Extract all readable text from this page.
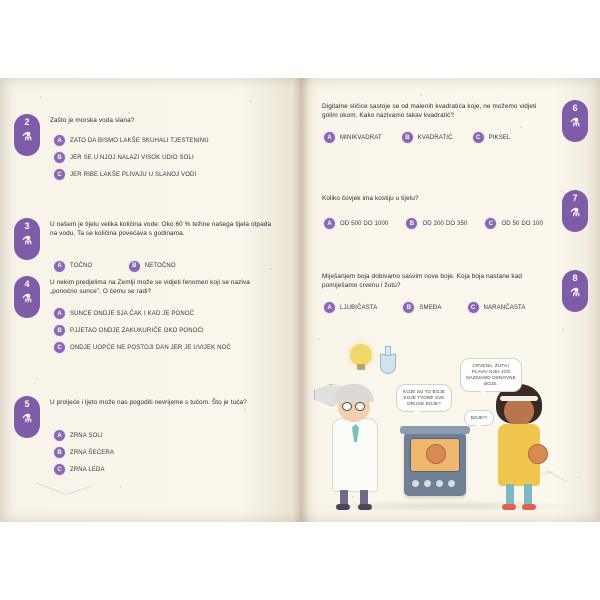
2
⚗
Zašto je morska voda slana?
A	ZATO DA BISMO LAKŠE SKUHALI TJESTENINU
B	JER SE U NJOJ NALAZI VISOK UDIO SOLI
C	JER RIBE LAKŠE PLIVAJU U SLANOJ VODI
3
⚗
U našem je tijelu velika količina vode. Oko 60 % težine našega tijela otpada na vodu. Ta se količina povećava s godinama.
A	TOČNO
	B	NETOČNO
4
⚗
U nekim predjelima na Zemlji može se vidjeti fenomen koji se naziva „ponoćno sunce”. O čemu se radi?
A	SUNCE ONDJE SJA ČAK I KAD JE PONOĆ
B	PJJETAO ONDJE ZAKUKURIČE OKO PONOĆI
C	ONDJE UOPĆE NE POSTOJI DAN JER JE UVIJEK NOĆ
5
⚗
U proljeće i ljeto može nas pogoditi nevrijeme s tučom. Što je tuča?
A	ZRNA SOLI
B	ZRNA ŠEĆERA
C	ZRNA LEDA
6
⚗
Digitalne sličice sastoje se od malenih kvadratića koje, ne možemo vidjeti golim okom. Kako nazivamo takav kvadratić?
A	MINIKVADRAT	B	KVADRATIĆ	C	PIKSEL
7
⚗
Koliko čovjek ima kostiju u tijelu?
A	OD 500 DO 1000	B	OD 200 DO 350	C	OD 50 DO 100
8
⚗
Miješanjem boja dobivamo sasvim nove boje. Koja boja nastane kad pomiješamo crvenu i žutu?
A	LJUBIČASTA	B	SMEĐA	C	NARANČASTA
KOJE SU TO BOJE KOJE TVORE SVE DRUGE BOJE?
CRVENA, ŽUTA I PLAVA! NJIH JOŠ NAZIVAMO OSNOVNE BOJE.
BOJE?!
